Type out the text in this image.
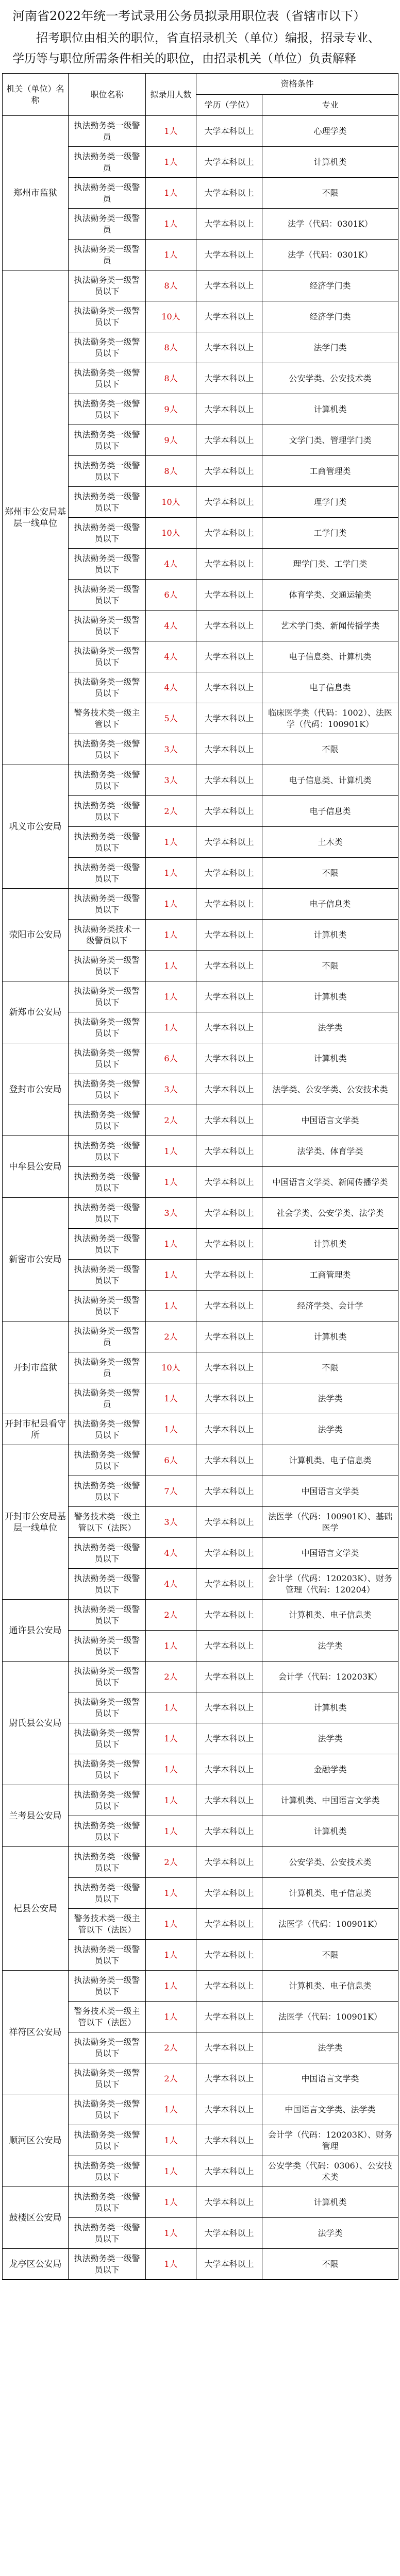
河南省2022年统一考试录用公务员拟录用职位表（省辖市以下）
招考职位由相关的职位，省直招录机关（单位）编报，招录专业、学历等与职位所需条件相关的职位，由招录机关（单位）负责解释
机关（单位）名称	职位名称	拟录用人数	资格条件	
			学历（学位）	专业
郑州市监狱	执法勤务类一级警员	1人	大学本科以上	心理学类
	执法勤务类一级警员	1人	大学本科以上	计算机类
	执法勤务类一级警员	1人	大学本科以上	不限
	执法勤务类一级警员	1人	大学本科以上	法学（代码：0301K）
	执法勤务类一级警员	1人	大学本科以上	法学（代码：0301K）
郑州市公安局基层一线单位	执法勤务类一级警员以下	8人	大学本科以上	经济学门类
	执法勤务类一级警员以下	10人	大学本科以上	经济学门类
	执法勤务类一级警员以下	8人	大学本科以上	法学门类
	执法勤务类一级警员以下	8人	大学本科以上	公安学类、公安技术类
	执法勤务类一级警员以下	9人	大学本科以上	计算机类
	执法勤务类一级警员以下	9人	大学本科以上	文学门类、管理学门类
	执法勤务类一级警员以下	8人	大学本科以上	工商管理类
	执法勤务类一级警员以下	10人	大学本科以上	理学门类
	执法勤务类一级警员以下	10人	大学本科以上	工学门类
	执法勤务类一级警员以下	4人	大学本科以上	理学门类、工学门类
	执法勤务类一级警员以下	6人	大学本科以上	体育学类、交通运输类
	执法勤务类一级警员以下	4人	大学本科以上	艺术学门类、新闻传播学类
	执法勤务类一级警员以下	4人	大学本科以上	电子信息类、计算机类
	执法勤务类一级警员以下	4人	大学本科以上	电子信息类
	警务技术类一级主管以下	5人	大学本科以上	临床医学类（代码：1002）、法医学（代码：100901K）
	执法勤务类一级警员以下	3人	大学本科以上	不限
巩义市公安局	执法勤务类一级警员以下	3人	大学本科以上	电子信息类、计算机类
	执法勤务类一级警员以下	2人	大学本科以上	电子信息类
	执法勤务类一级警员以下	1人	大学本科以上	土木类
	执法勤务类一级警员以下	1人	大学本科以上	不限
荥阳市公安局	执法勤务类一级警员以下	1人	大学本科以上	电子信息类
	执法勤务类技术一级警员以下	1人	大学本科以上	计算机类
	执法勤务类一级警员以下	1人	大学本科以上	不限
新郑市公安局	执法勤务类一级警员以下	1人	大学本科以上	计算机类
	执法勤务类一级警员以下	1人	大学本科以上	法学类
登封市公安局	执法勤务类一级警员以下	6人	大学本科以上	计算机类
	执法勤务类一级警员以下	3人	大学本科以上	法学类、公安学类、公安技术类
	执法勤务类一级警员以下	2人	大学本科以上	中国语言文学类
中牟县公安局	执法勤务类一级警员以下	1人	大学本科以上	法学类、体育学类
	执法勤务类一级警员以下	1人	大学本科以上	中国语言文学类、新闻传播学类
新密市公安局	执法勤务类一级警员以下	3人	大学本科以上	社会学类、公安学类、法学类
	执法勤务类一级警员以下	1人	大学本科以上	计算机类
	执法勤务类一级警员以下	1人	大学本科以上	工商管理类
	执法勤务类一级警员以下	1人	大学本科以上	经济学类、会计学
开封市监狱	执法勤务类一级警员	2人	大学本科以上	计算机类
	执法勤务类一级警员	10人	大学本科以上	不限
	执法勤务类一级警员	1人	大学本科以上	法学类
开封市杞县看守所	执法勤务类一级警员以下	1人	大学本科以上	法学类
开封市公安局基层一线单位	执法勤务类一级警员以下	6人	大学本科以上	计算机类、电子信息类
	执法勤务类一级警员以下	7人	大学本科以上	中国语言文学类
	警务技术类一级主管以下（法医）	3人	大学本科以上	法医学（代码：100901K）、基础医学
	执法勤务类一级警员以下	4人	大学本科以上	中国语言文学类
	执法勤务类一级警员以下	4人	大学本科以上	会计学（代码：120203K）、财务管理（代码：120204）
通许县公安局	执法勤务类一级警员以下	2人	大学本科以上	计算机类、电子信息类
	执法勤务类一级警员以下	1人	大学本科以上	法学类
尉氏县公安局	执法勤务类一级警员以下	2人	大学本科以上	会计学（代码：120203K）
	执法勤务类一级警员以下	1人	大学本科以上	计算机类
	执法勤务类一级警员以下	1人	大学本科以上	法学类
	执法勤务类一级警员以下	1人	大学本科以上	金融学类
兰考县公安局	执法勤务类一级警员以下	1人	大学本科以上	计算机类、中国语言文学类
	执法勤务类一级警员以下	1人	大学本科以上	计算机类
杞县公安局	执法勤务类一级警员以下	2人	大学本科以上	公安学类、公安技术类
	执法勤务类一级警员以下	1人	大学本科以上	计算机类、电子信息类
	警务技术类一级主管以下（法医）	1人	大学本科以上	法医学（代码：100901K）
	执法勤务类一级警员以下	1人	大学本科以上	不限
祥符区公安局	执法勤务类一级警员以下	1人	大学本科以上	计算机类、电子信息类
	警务技术类一级主管以下（法医）	1人	大学本科以上	法医学（代码：100901K）
	执法勤务类一级警员以下	2人	大学本科以上	法学类
	执法勤务类一级警员以下	2人	大学本科以上	中国语言文学类
顺河区公安局	执法勤务类一级警员以下	1人	大学本科以上	中国语言文学类、法学类
	执法勤务类一级警员以下	1人	大学本科以上	会计学（代码：120203K）、财务管理
	执法勤务类一级警员以下	1人	大学本科以上	公安学类（代码：0306）、公安技术类
鼓楼区公安局	执法勤务类一级警员以下	1人	大学本科以上	计算机类
	执法勤务类一级警员以下	1人	大学本科以上	法学类
龙亭区公安局	执法勤务类一级警员以下	1人	大学本科以上	不限
